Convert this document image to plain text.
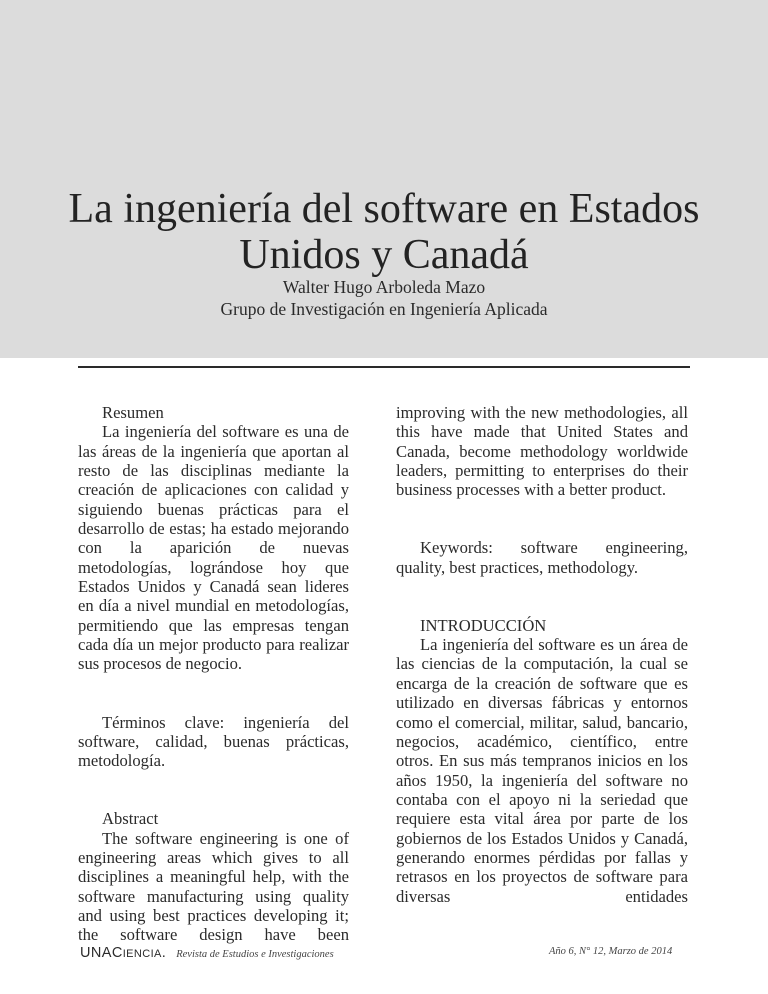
La ingeniería del software en Estados
Unidos y Canadá
Walter Hugo Arboleda Mazo
Grupo de Investigación en Ingeniería Aplicada

Resumen

La ingeniería del software es una de las áreas de la ingeniería que aportan al resto de las disciplinas mediante la creación de aplicaciones con calidad y siguiendo buenas prácticas para el desarrollo de estas; ha estado mejorando con la aparición de nuevas metodologías, lográndose hoy que Estados Unidos y Canadá sean lideres en día a nivel mundial en metodologías, permitiendo que las empresas tengan cada día un mejor producto para realizar sus procesos de negocio.

Términos clave: ingeniería del software, calidad, buenas prácticas, metodología.

Abstract

The software engineering is one of engineering areas which gives to all disciplines a meaningful help, with the software manufacturing using quality and using best practices developing it; the software design have been

improving with the new methodologies, all this have made that United States and Canada, become methodology worldwide leaders, permitting to enterprises do their business processes with a better product.

Keywords: software engineering, quality, best practices, methodology.

INTRODUCCIÓN

La ingeniería del software es un área de las ciencias de la computación, la cual se encarga de la creación de software que es utilizado en diversas fábricas y entornos como el comercial, militar, salud, bancario, negocios, académico, científico, entre otros. En sus más tempranos inicios en los años 1950, la ingeniería del software no contaba con el apoyo ni la seriedad que requiere esta vital área por parte de los gobiernos de los Estados Unidos y Canadá, generando enormes pérdidas por fallas y retrasos en los proyectos de software para diversas entidades

UNACIENCIA. Revista de Estudios e Investigaciones	Año 6, N° 12, Marzo de 2014
